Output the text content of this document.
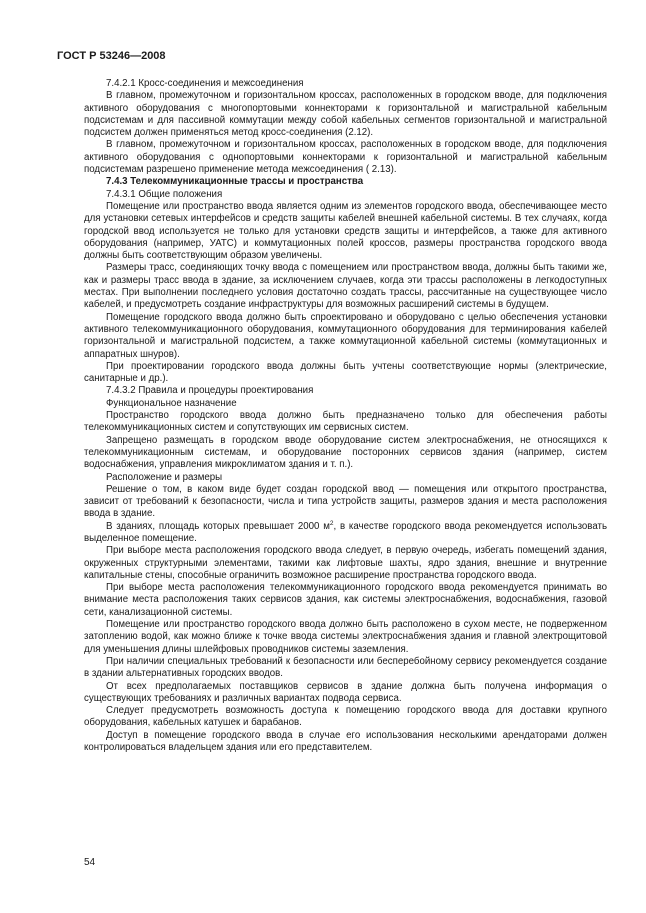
ГОСТ Р 53246—2008

7.4.2.1 Кросс-соединения и межсоединения

В главном, промежуточном и горизонтальном кроссах, расположенных в городском вводе, для подключения активного оборудования с многопортовыми коннекторами к горизонтальной и магистральной кабельным подсистемам и для пассивной коммутации между собой кабельных сегментов горизонтальной и магистральной подсистем должен применяться метод кросс-соединения (2.12).

В главном, промежуточном и горизонтальном кроссах, расположенных в городском вводе, для подключения активного оборудования с однопортовыми коннекторами к горизонтальной и магистральной кабельным подсистемам разрешено применение метода межсоединения ( 2.13).

7.4.3 Телекоммуникационные трассы и пространства

7.4.3.1 Общие положения

Помещение или пространство ввода является одним из элементов городского ввода, обеспечивающее место для установки сетевых интерфейсов и средств защиты кабелей внешней кабельной системы. В тех случаях, когда городской ввод используется не только для установки средств защиты и интерфейсов, а также для активного оборудования (например, УАТС) и коммутационных полей кроссов, размеры пространства городского ввода должны быть соответствующим образом увеличены.

Размеры трасс, соединяющих точку ввода с помещением или пространством ввода, должны быть такими же, как и размеры трасс ввода в здание, за исключением случаев, когда эти трассы расположены в легкодоступных местах. При выполнении последнего условия достаточно создать трассы, рассчитанные на существующее число кабелей, и предусмотреть создание инфраструктуры для возможных расширений системы в будущем.

Помещение городского ввода должно быть спроектировано и оборудовано с целью обеспечения установки активного телекоммуникационного оборудования, коммутационного оборудования для терминирования кабелей горизонтальной и магистральной подсистем, а также коммутационной кабельной системы (коммутационных и аппаратных шнуров).

При проектировании городского ввода должны быть учтены соответствующие нормы (электрические, санитарные и др.).

7.4.3.2 Правила и процедуры проектирования

Функциональное назначение

Пространство городского ввода должно быть предназначено только для обеспечения работы телекоммуникационных систем и сопутствующих им сервисных систем.

Запрещено размещать в городском вводе оборудование систем электроснабжения, не относящихся к телекоммуникационным системам, и оборудование посторонних сервисов здания (например, систем водоснабжения, управления микроклиматом здания и т. п.).

Расположение и размеры

Решение о том, в каком виде будет создан городской ввод — помещения или открытого пространства, зависит от требований к безопасности, числа и типа устройств защиты, размеров здания и места расположения ввода в здание.

В зданиях, площадь которых превышает 2000 $м^2$, в качестве городского ввода рекомендуется использовать выделенное помещение.

При выборе места расположения городского ввода следует, в первую очередь, избегать помещений здания, окруженных структурными элементами, такими как лифтовые шахты, ядро здания, внешние и внутренние капитальные стены, способные ограничить возможное расширение пространства городского ввода.

При выборе места расположения телекоммуникационного городского ввода рекомендуется принимать во внимание места расположения таких сервисов здания, как системы электроснабжения, водоснабжения, газовой сети, канализационной системы.

Помещение или пространство городского ввода должно быть расположено в сухом месте, не подверженном затоплению водой, как можно ближе к точке ввода системы электроснабжения здания и главной электрощитовой для уменьшения длины шлейфовых проводников системы заземления.

При наличии специальных требований к безопасности или бесперебойному сервису рекомендуется создание в здании альтернативных городских вводов.

От всех предполагаемых поставщиков сервисов в здание должна быть получена информация о существующих требованиях и различных вариантах подвода сервиса.

Следует предусмотреть возможность доступа к помещению городского ввода для доставки крупного оборудования, кабельных катушек и барабанов.

Доступ в помещение городского ввода в случае его использования несколькими арендаторами должен контролироваться владельцем здания или его представителем.

54
